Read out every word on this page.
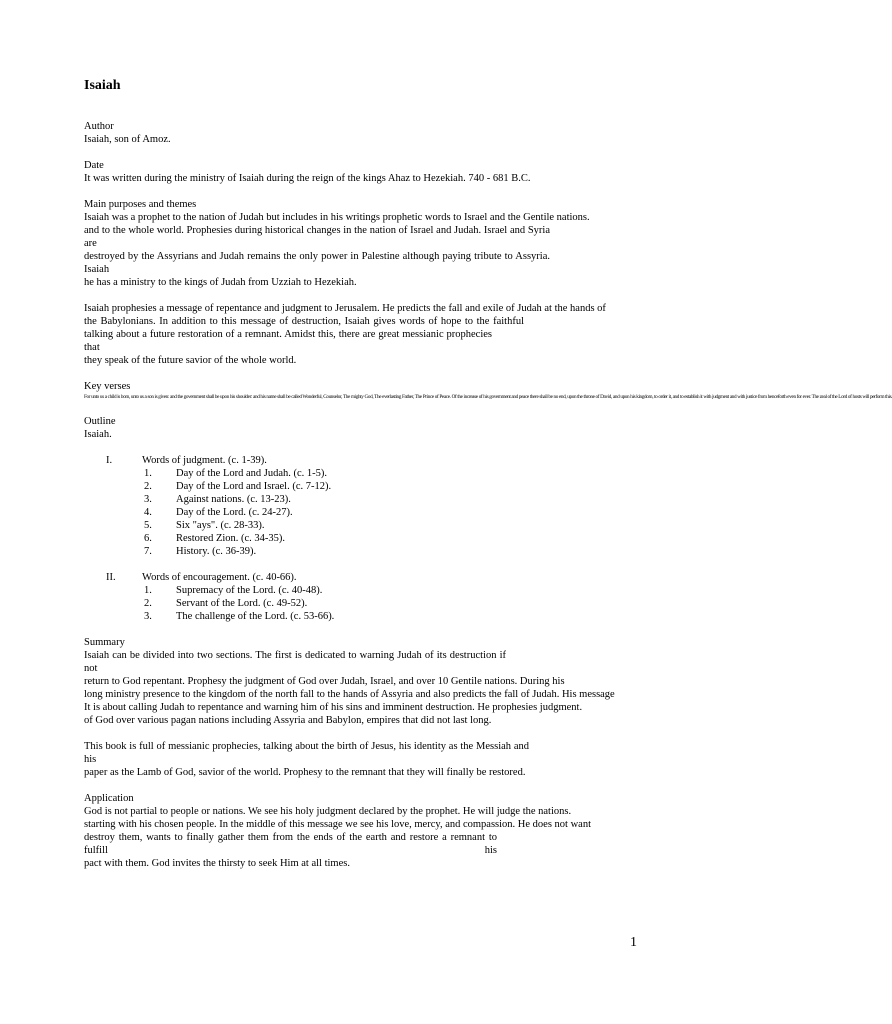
Isaiah
Author
Isaiah, son of Amoz.
Date
It was written during the ministry of Isaiah during the reign of the kings Ahaz to Hezekiah. 740 - 681 B.C.
Main purposes and themes
Isaiah was a prophet to the nation of Judah but includes in his writings prophetic words to Israel and the Gentile nations.
and to the whole world. Prophesies during historical changes in the nation of Israel and Judah. Israel and Syria are
destroyed by the Assyrians and Judah remains the only power in Palestine although paying tribute to Assyria. Isaiah
he has a ministry to the kings of Judah from Uzziah to Hezekiah.
Isaiah prophesies a message of repentance and judgment to Jerusalem. He predicts the fall and exile of Judah at the hands of
the Babylonians. In addition to this message of destruction, Isaiah gives words of hope to the faithful
talking about a future restoration of a remnant. Amidst this, there are great messianic prophecies that
they speak of the future savior of the whole world.
Key verses
For unto us a child is born, unto us a son is given: and the government shall be upon his shoulder: and his name shall be called Wonderful, Counselor, The mighty God, The everlasting Father, The Prince of Peace. Of the increase of his government and peace there shall be no end, upon the throne of David, and upon his kingdom, to order it, and to establish it with judgment and with justice from henceforth even for ever. The zeal of the Lord of hosts will perform this.
Outline
Isaiah.
I.	Words of judgment. (c. 1-39).
1.	Day of the Lord and Judah. (c. 1-5).
2.	Day of the Lord and Israel. (c. 7-12).
3.	Against nations. (c. 13-23).
4.	Day of the Lord. (c. 24-27).
5.	Six "ays". (c. 28-33).
6.	Restored Zion. (c. 34-35).
7.	History. (c. 36-39).
II.	Words of encouragement. (c. 40-66).
1.	Supremacy of the Lord. (c. 40-48).
2.	Servant of the Lord. (c. 49-52).
3.	The challenge of the Lord. (c. 53-66).
Summary
Isaiah can be divided into two sections. The first is dedicated to warning Judah of its destruction if not
return to God repentant. Prophesy the judgment of God over Judah, Israel, and over 10 Gentile nations. During his
long ministry presence to the kingdom of the north fall to the hands of Assyria and also predicts the fall of Judah. His message
It is about calling Judah to repentance and warning him of his sins and imminent destruction. He prophesies judgment.
of God over various pagan nations including Assyria and Babylon, empires that did not last long.
This book is full of messianic prophecies, talking about the birth of Jesus, his identity as the Messiah and his
paper as the Lamb of God, savior of the world. Prophesy to the remnant that they will finally be restored.
Application
God is not partial to people or nations. We see his holy judgment declared by the prophet. He will judge the nations.
starting with his chosen people. In the middle of this message we see his love, mercy, and compassion. He does not want
destroy them, wants to finally gather them from the ends of the earth and restore a remnant to fulfill his
pact with them. God invites the thirsty to seek Him at all times.
1
